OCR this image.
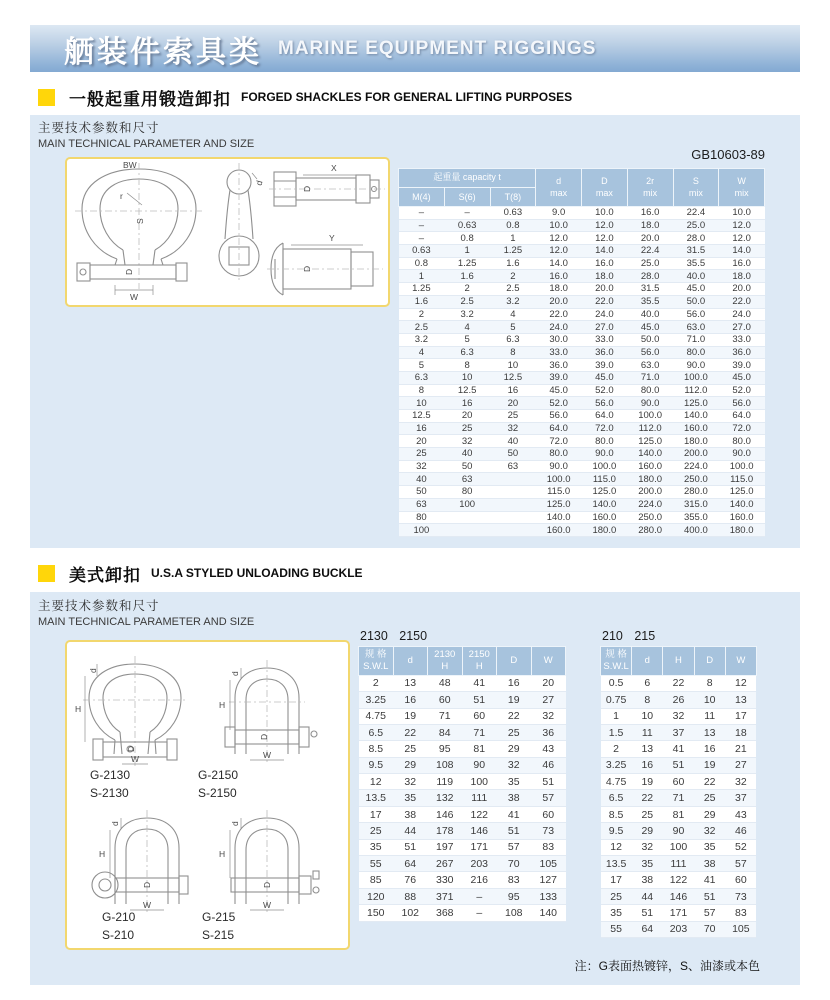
舾装件索具类 MARINE EQUIPMENT RIGGINGS
一般起重用锻造卸扣 FORGED SHACKLES FOR GENERAL LIFTING PURPOSES
主要技术参数和尺寸
MAIN TECHNICAL PARAMETER AND SIZE
GB10603-89
BW
r
S
D
W
d
X
D
Y
D
起重量 capacity t			d
max	D
max	2r
mix	S
mix	W
mix

M(4)	S(6)	T(8)					
–	–	0.63	9.0	10.0	16.0	22.4	10.0
–	0.63	0.8	10.0	12.0	18.0	25.0	12.0
–	0.8	1	12.0	12.0	20.0	28.0	12.0
0.63	1	1.25	12.0	14.0	22.4	31.5	14.0
0.8	1.25	1.6	14.0	16.0	25.0	35.5	16.0
1	1.6	2	16.0	18.0	28.0	40.0	18.0
1.25	2	2.5	18.0	20.0	31.5	45.0	20.0
1.6	2.5	3.2	20.0	22.0	35.5	50.0	22.0
2	3.2	4	22.0	24.0	40.0	56.0	24.0
2.5	4	5	24.0	27.0	45.0	63.0	27.0
3.2	5	6.3	30.0	33.0	50.0	71.0	33.0
4	6.3	8	33.0	36.0	56.0	80.0	36.0
5	8	10	36.0	39.0	63.0	90.0	39.0
6.3	10	12.5	39.0	45.0	71.0	100.0	45.0
8	12.5	16	45.0	52.0	80.0	112.0	52.0
10	16	20	52.0	56.0	90.0	125.0	56.0
12.5	20	25	56.0	64.0	100.0	140.0	64.0
16	25	32	64.0	72.0	112.0	160.0	72.0
20	32	40	72.0	80.0	125.0	180.0	80.0
25	40	50	80.0	90.0	140.0	200.0	90.0
32	50	63	90.0	100.0	160.0	224.0	100.0
40	63		100.0	115.0	180.0	250.0	115.0
50	80		115.0	125.0	200.0	280.0	125.0
63	100		125.0	140.0	224.0	315.0	140.0
80			140.0	160.0	250.0	355.0	160.0
100			160.0	180.0	280.0	400.0	180.0
美式卸扣 U.S.A STYLED UNLOADING BUCKLE
主要技术参数和尺寸
MAIN TECHNICAL PARAMETER AND SIZE
d
H
D
W
d
H
D
W
D
d
H
W
D
d
H
W
G-2130
S-2130
G-2150
S-2150
G-210
S-210
G-215
S-215
2130 2150	210 215
规 格
S.W.L	d	2130
H	2150
H	D	W

2	13	48	41	16	20
3.25	16	60	51	19	27
4.75	19	71	60	22	32
6.5	22	84	71	25	36
8.5	25	95	81	29	43
9.5	29	108	90	32	46
12	32	119	100	35	51
13.5	35	132	111	38	57
17	38	146	122	41	60
25	44	178	146	51	73
35	51	197	171	57	83
55	64	267	203	70	105
85	76	330	216	83	127
120	88	371	–	95	133
150	102	368	–	108	140
规 格
S.W.L	d	H	D	W

0.5	6	22	8	12
0.75	8	26	10	13
1	10	32	11	17
1.5	11	37	13	18
2	13	41	16	21
3.25	16	51	19	27
4.75	19	60	22	32
6.5	22	71	25	37
8.5	25	81	29	43
9.5	29	90	32	46
12	32	100	35	52
13.5	35	111	38	57
17	38	122	41	60
25	44	146	51	73
35	51	171	57	83
55	64	203	70	105
注：G表面热镀锌，S、油漆或本色
